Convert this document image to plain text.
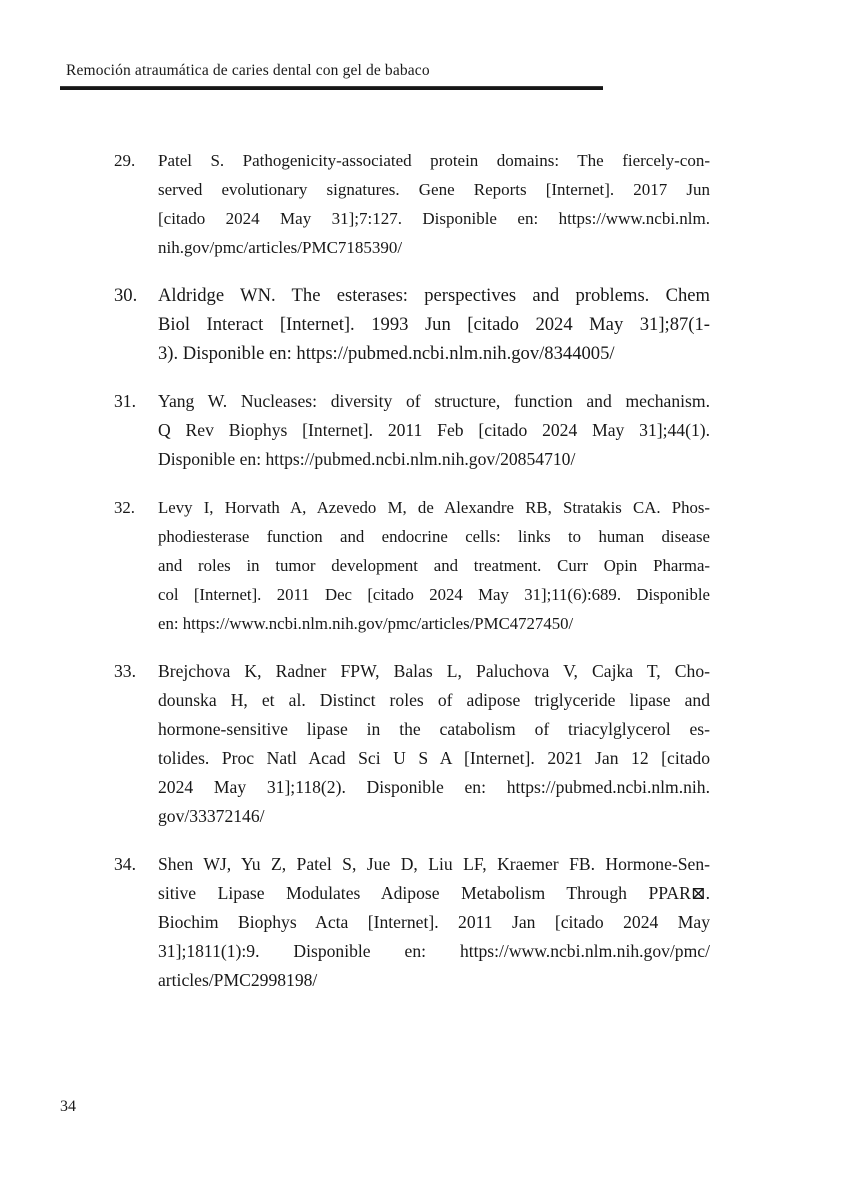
Remoción atraumática de caries dental con gel de babaco
29.	Patel S. Pathogenicity-associated protein domains: The fiercely-con-
served evolutionary signatures. Gene Reports [Internet]. 2017 Jun
[citado 2024 May 31];7:127. Disponible en: https://www.ncbi.nlm.
nih.gov/pmc/articles/PMC7185390/
30.	Aldridge WN. The esterases: perspectives and problems. Chem
Biol Interact [Internet]. 1993 Jun [citado 2024 May 31];87(1-
3). Disponible en: https://pubmed.ncbi.nlm.nih.gov/8344005/
31.	Yang W. Nucleases: diversity of structure, function and mechanism.
Q Rev Biophys [Internet]. 2011 Feb [citado 2024 May 31];44(1).
Disponible en: https://pubmed.ncbi.nlm.nih.gov/20854710/
32.	Levy I, Horvath A, Azevedo M, de Alexandre RB, Stratakis CA. Phos-
phodiesterase function and endocrine cells: links to human disease
and roles in tumor development and treatment. Curr Opin Pharma-
col [Internet]. 2011 Dec [citado 2024 May 31];11(6):689. Disponible
en: https://www.ncbi.nlm.nih.gov/pmc/articles/PMC4727450/
33.	Brejchova K, Radner FPW, Balas L, Paluchova V, Cajka T, Cho-
dounska H, et al. Distinct roles of adipose triglyceride lipase and
hormone-sensitive lipase in the catabolism of triacylglycerol es-
tolides. Proc Natl Acad Sci U S A [Internet]. 2021 Jan 12 [citado
2024 May 31];118(2). Disponible en: https://pubmed.ncbi.nlm.nih.
gov/33372146/
34.	Shen WJ, Yu Z, Patel S, Jue D, Liu LF, Kraemer FB. Hormone-Sen-
sitive Lipase Modulates Adipose Metabolism Through PPAR⊠.
Biochim Biophys Acta [Internet]. 2011 Jan [citado 2024 May
31];1811(1):9. Disponible en: https://www.ncbi.nlm.nih.gov/pmc/
articles/PMC2998198/
34
